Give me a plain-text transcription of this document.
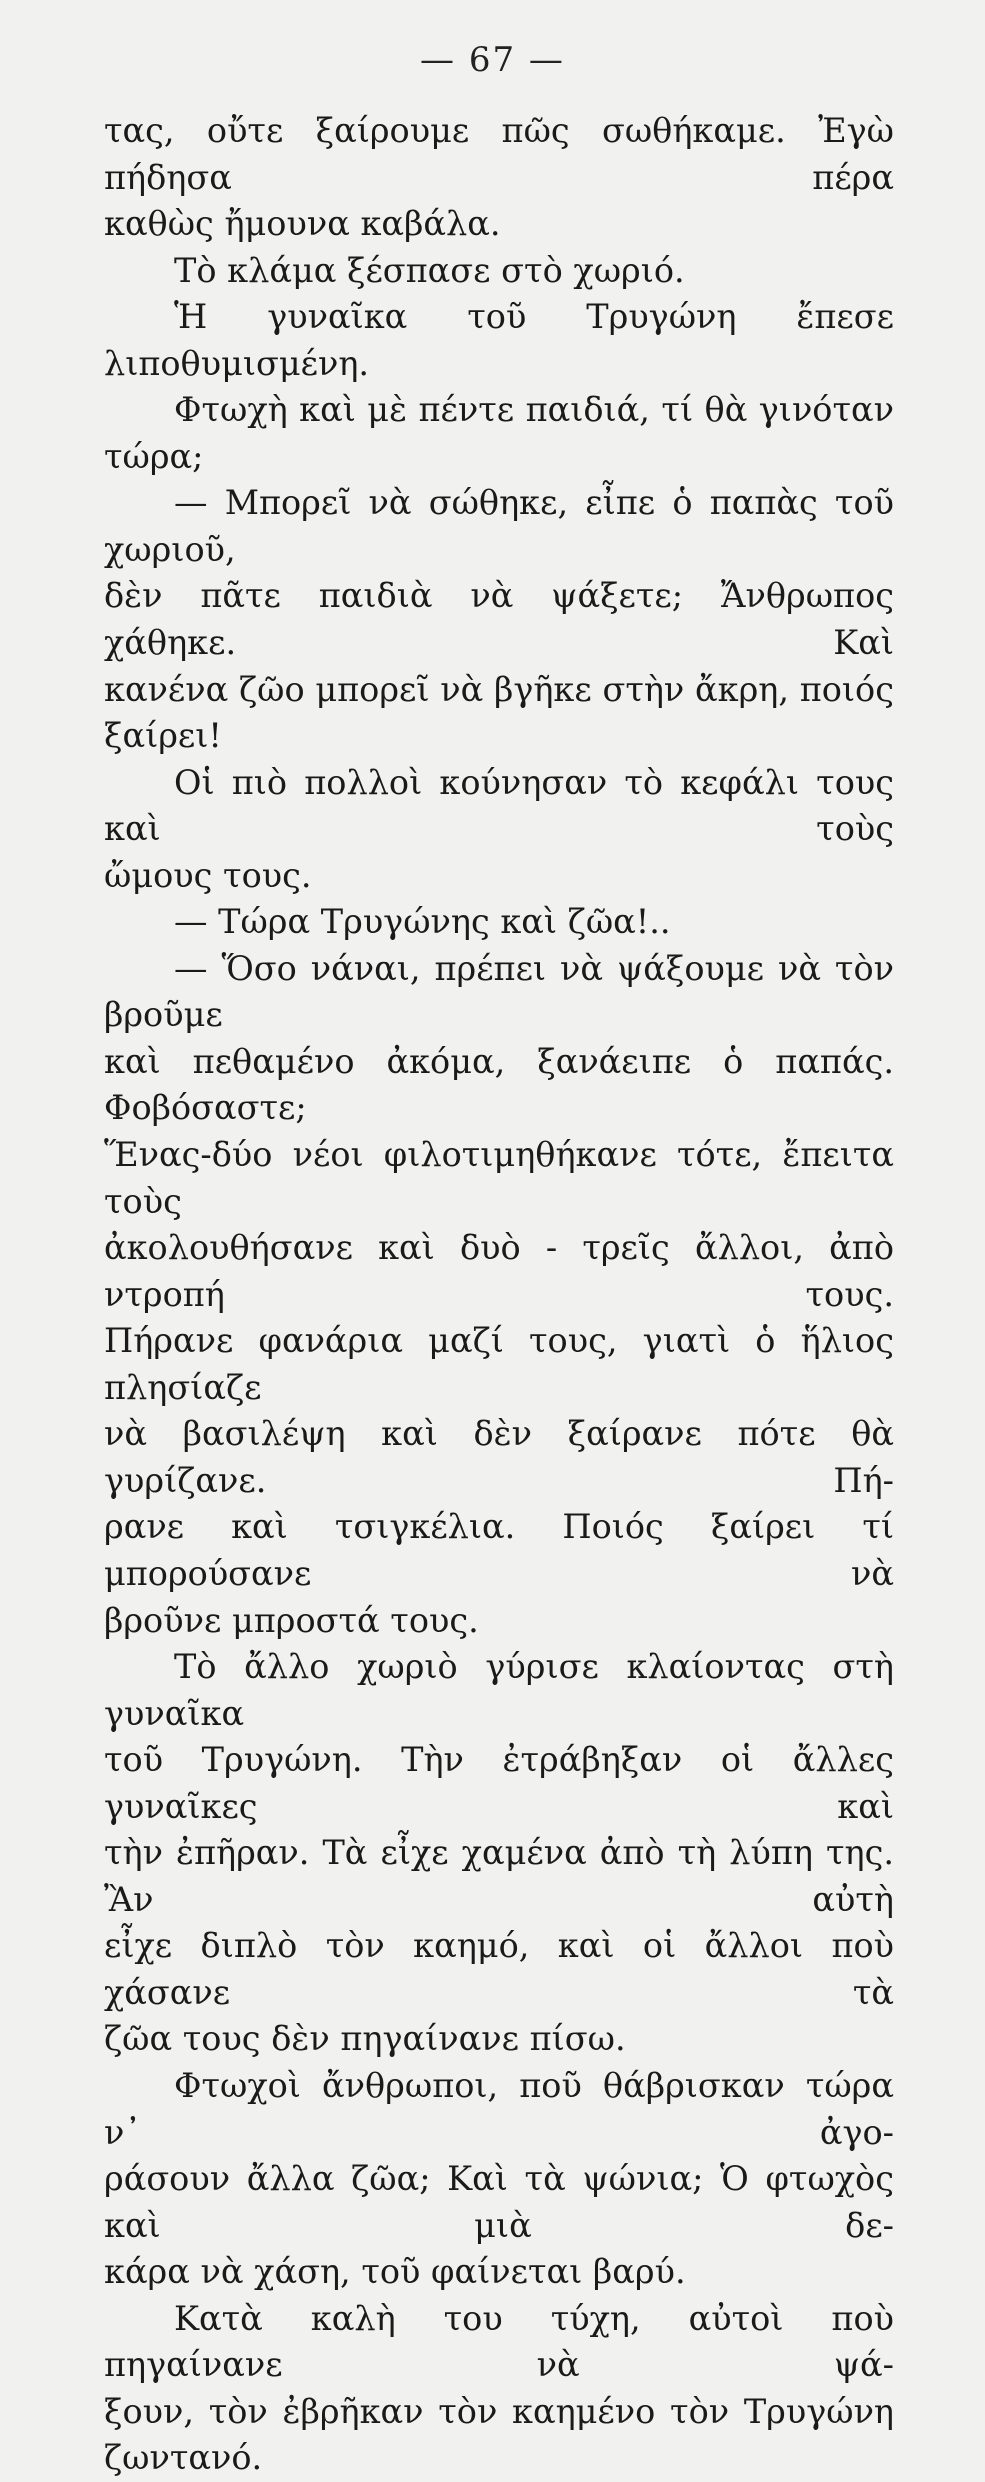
— 67 —

τας, οὔτε ξαίρουμε πῶς σωθήκαμε. Ἐγὼ πήδησα πέρα

καθὼς ἤμουνα καβάλα.

Τὸ κλάμα ξέσπασε στὸ χωριό.

Ἡ γυναῖκα τοῦ Τρυγώνη ἔπεσε λιποθυμισμένη.

Φτωχὴ καὶ μὲ πέντε παιδιά, τί θὰ γινόταν τώρα;

— Μπορεῖ νὰ σώθηκε, εἶπε ὁ παπὰς τοῦ χωριοῦ,

δὲν πᾶτε παιδιὰ νὰ ψάξετε; Ἄνθρωπος χάθηκε. Καὶ

κανένα ζῶο μπορεῖ νὰ βγῆκε στὴν ἄκρη, ποιός ξαίρει!

Οἱ πιὸ πολλοὶ κούνησαν τὸ κεφάλι τους καὶ τοὺς

ὤμους τους.

— Τώρα Τρυγώνης καὶ ζῶα!..

— Ὅσο νάναι, πρέπει νὰ ψάξουμε νὰ τὸν βροῦμε

καὶ πεθαμένο ἀκόμα, ξανάειπε ὁ παπάς. Φοβόσαστε;

Ἕνας-δύο νέοι φιλοτιμηθήκανε τότε, ἔπειτα τοὺς

ἀκολουθήσανε καὶ δυὸ - τρεῖς ἄλλοι, ἀπὸ ντροπή τους.

Πήρανε φανάρια μαζί τους, γιατὶ ὁ ἥλιος πλησίαζε

νὰ βασιλέψη καὶ δὲν ξαίρανε πότε θὰ γυρίζανε. Πή-

ρανε καὶ τσιγκέλια. Ποιός ξαίρει τί μπορούσανε νὰ

βροῦνε μπροστά τους.

Τὸ ἄλλο χωριὸ γύρισε κλαίοντας στὴ γυναῖκα

τοῦ Τρυγώνη. Τὴν ἐτράβηξαν οἱ ἄλλες γυναῖκες καὶ

τὴν ἐπῆραν. Τὰ εἶχε χαμένα ἀπὸ τὴ λύπη της. Ἂν αὐτὴ

εἶχε διπλὸ τὸν καημό, καὶ οἱ ἄλλοι ποὺ χάσανε τὰ

ζῶα τους δὲν πηγαίνανε πίσω.

Φτωχοὶ ἄνθρωποι, ποῦ θάβρισκαν τώρα ν᾿ ἀγο-

ράσουν ἄλλα ζῶα; Καὶ τὰ ψώνια; Ὁ φτωχὸς καὶ μιὰ δε-

κάρα νὰ χάση, τοῦ φαίνεται βαρύ.

Κατὰ καλὴ του τύχη, αὐτοὶ ποὺ πηγαίνανε νὰ ψά-

ξουν, τὸν ἐβρῆκαν τὸν καημένο τὸν Τρυγώνη ζωντανό.
